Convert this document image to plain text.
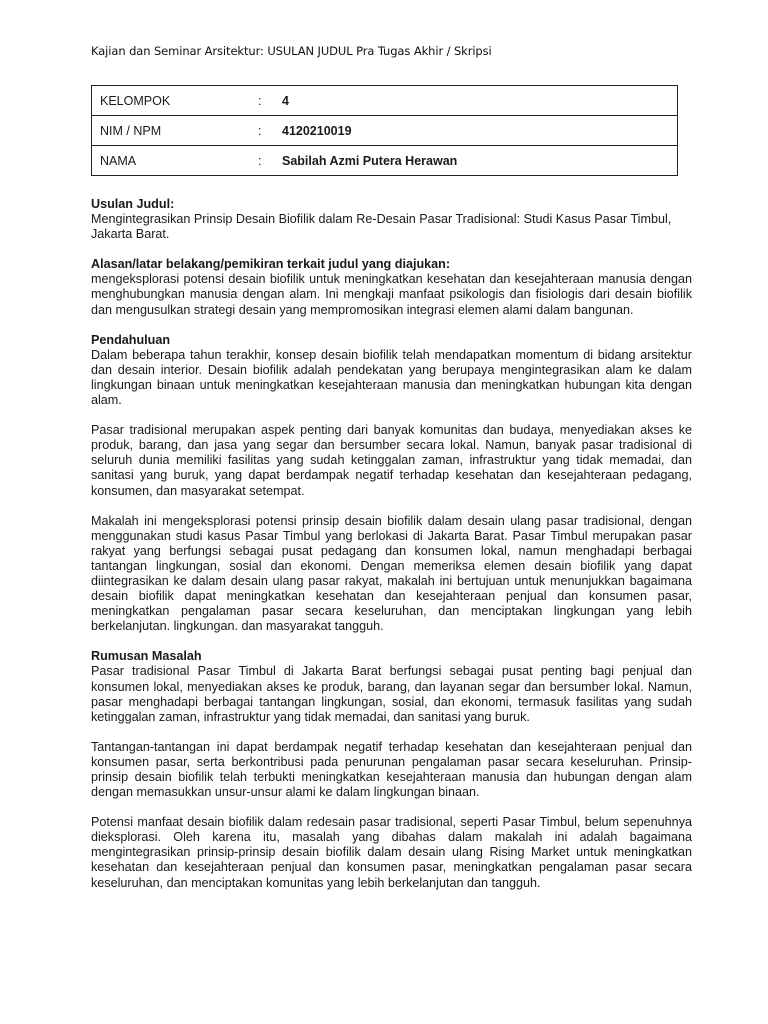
Kajian dan Seminar Arsitektur: USULAN JUDUL Pra Tugas Akhir / Skripsi
KELOMPOK	:	4
NIM / NPM	:	4120210019
NAMA	:	Sabilah Azmi Putera Herawan
Usulan Judul:

Mengintegrasikan Prinsip Desain Biofilik dalam Re-Desain Pasar Tradisional: Studi Kasus Pasar Timbul, Jakarta Barat.

Alasan/latar belakang/pemikiran terkait judul yang diajukan:

mengeksplorasi potensi desain biofilik untuk meningkatkan kesehatan dan kesejahteraan manusia dengan menghubungkan manusia dengan alam. Ini mengkaji manfaat psikologis dan fisiologis dari desain biofilik dan mengusulkan strategi desain yang mempromosikan integrasi elemen alami dalam bangunan.

Pendahuluan

Dalam beberapa tahun terakhir, konsep desain biofilik telah mendapatkan momentum di bidang arsitektur dan desain interior. Desain biofilik adalah pendekatan yang berupaya mengintegrasikan alam ke dalam lingkungan binaan untuk meningkatkan kesejahteraan manusia dan meningkatkan hubungan kita dengan alam.

Pasar tradisional merupakan aspek penting dari banyak komunitas dan budaya, menyediakan akses ke produk, barang, dan jasa yang segar dan bersumber secara lokal. Namun, banyak pasar tradisional di seluruh dunia memiliki fasilitas yang sudah ketinggalan zaman, infrastruktur yang tidak memadai, dan sanitasi yang buruk, yang dapat berdampak negatif terhadap kesehatan dan kesejahteraan pedagang, konsumen, dan masyarakat setempat.

Makalah ini mengeksplorasi potensi prinsip desain biofilik dalam desain ulang pasar tradisional, dengan menggunakan studi kasus Pasar Timbul yang berlokasi di Jakarta Barat. Pasar Timbul merupakan pasar rakyat yang berfungsi sebagai pusat pedagang dan konsumen lokal, namun menghadapi berbagai tantangan lingkungan, sosial dan ekonomi. Dengan memeriksa elemen desain biofilik yang dapat diintegrasikan ke dalam desain ulang pasar rakyat, makalah ini bertujuan untuk menunjukkan bagaimana desain biofilik dapat meningkatkan kesehatan dan kesejahteraan penjual dan konsumen pasar, meningkatkan pengalaman pasar secara keseluruhan, dan menciptakan lingkungan yang lebih berkelanjutan. lingkungan. dan masyarakat tangguh.

Rumusan Masalah

Pasar tradisional Pasar Timbul di Jakarta Barat berfungsi sebagai pusat penting bagi penjual dan konsumen lokal, menyediakan akses ke produk, barang, dan layanan segar dan bersumber lokal. Namun, pasar menghadapi berbagai tantangan lingkungan, sosial, dan ekonomi, termasuk fasilitas yang sudah ketinggalan zaman, infrastruktur yang tidak memadai, dan sanitasi yang buruk.

Tantangan-tantangan ini dapat berdampak negatif terhadap kesehatan dan kesejahteraan penjual dan konsumen pasar, serta berkontribusi pada penurunan pengalaman pasar secara keseluruhan. Prinsip-prinsip desain biofilik telah terbukti meningkatkan kesejahteraan manusia dan hubungan dengan alam dengan memasukkan unsur-unsur alami ke dalam lingkungan binaan.

Potensi manfaat desain biofilik dalam redesain pasar tradisional, seperti Pasar Timbul, belum sepenuhnya dieksplorasi. Oleh karena itu, masalah yang dibahas dalam makalah ini adalah bagaimana mengintegrasikan prinsip-prinsip desain biofilik dalam desain ulang Rising Market untuk meningkatkan kesehatan dan kesejahteraan penjual dan konsumen pasar, meningkatkan pengalaman pasar secara keseluruhan, dan menciptakan komunitas yang lebih berkelanjutan dan tangguh.
